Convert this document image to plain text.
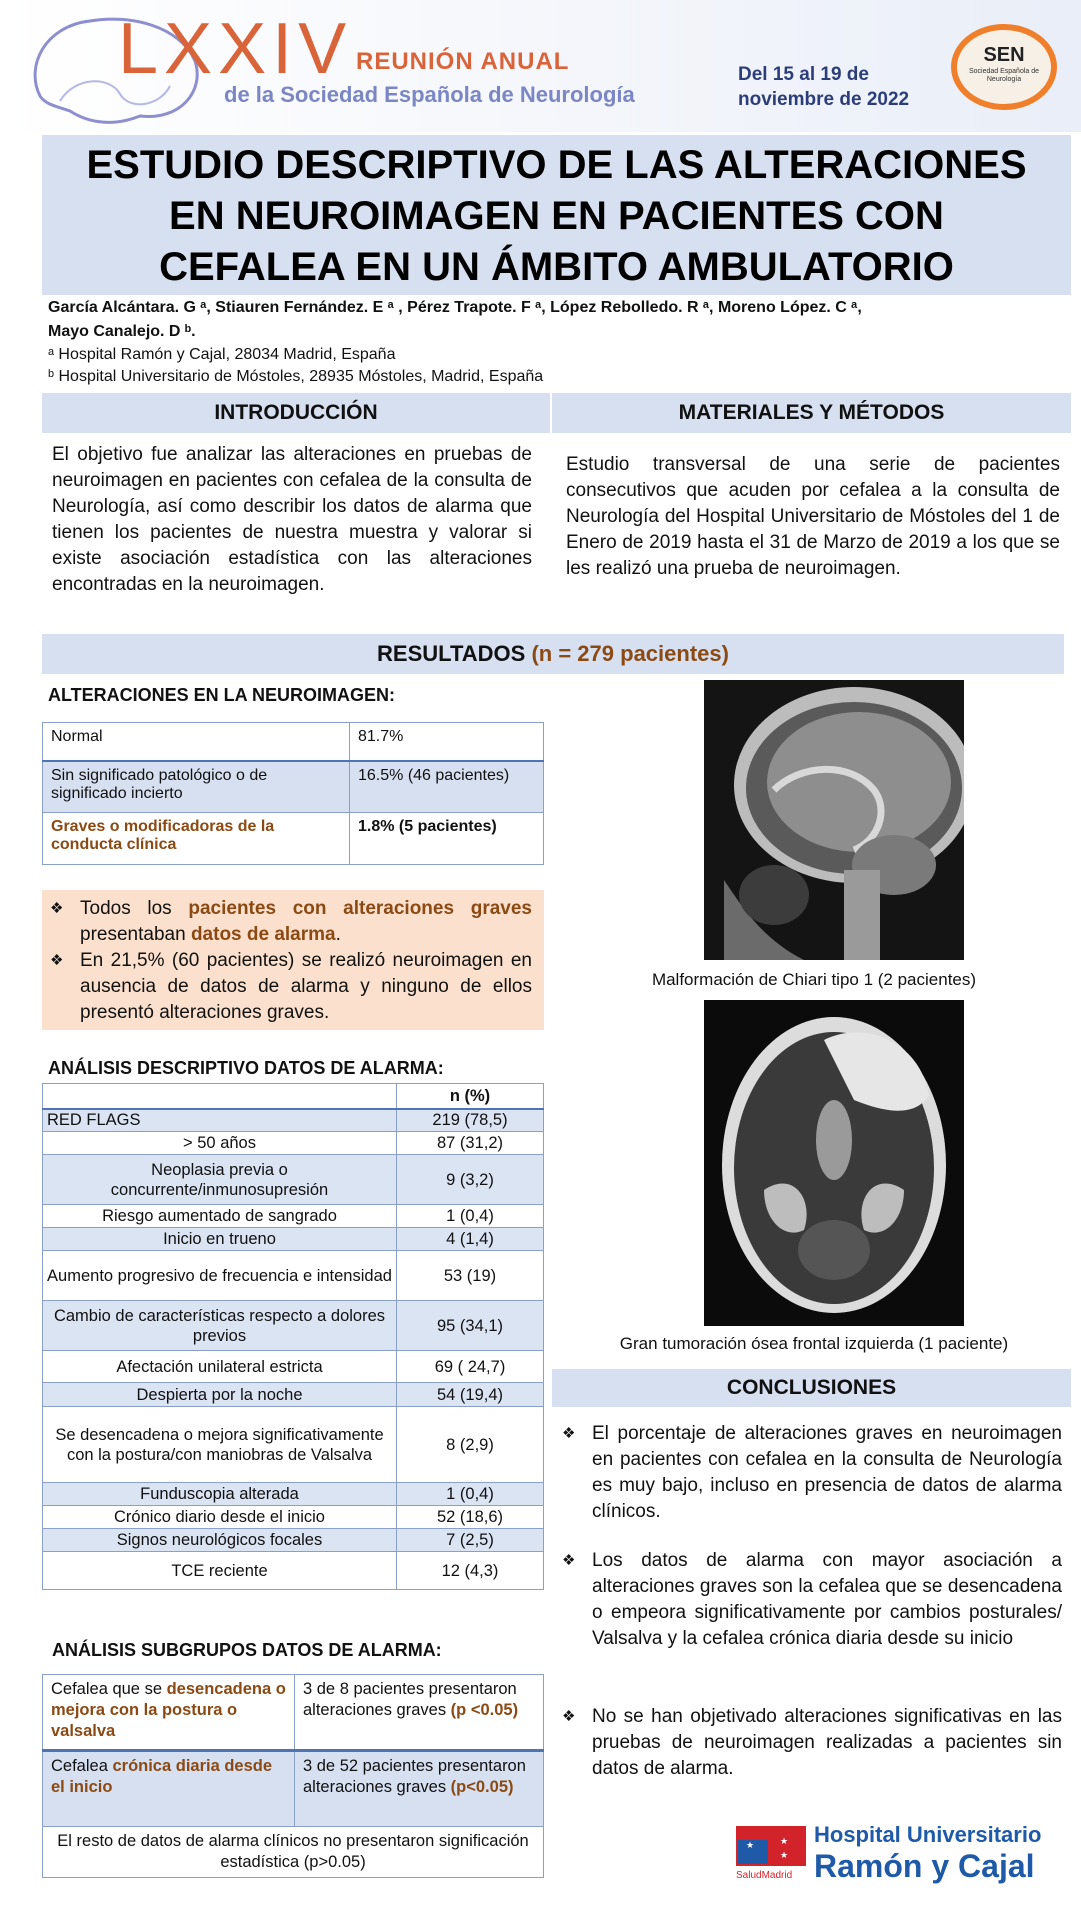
LXXIV REUNIÓN ANUAL
de la Sociedad Española de Neurología
Del 15 al 19 de
noviembre de 2022
SEN
Sociedad Española de Neurología
ESTUDIO DESCRIPTIVO DE LAS ALTERACIONES
EN NEUROIMAGEN EN PACIENTES CON
CEFALEA EN UN ÁMBITO AMBULATORIO
García Alcántara. G ᵃ, Stiauren Fernández. E ᵃ , Pérez Trapote. F ᵃ, López Rebolledo. R ᵃ, Moreno López. C ᵃ,
Mayo Canalejo. D ᵇ.
ᵃ Hospital Ramón y Cajal, 28034 Madrid, España
ᵇ Hospital Universitario de Móstoles, 28935 Móstoles, Madrid, España
INTRODUCCIÓN
El objetivo fue analizar las alteraciones en pruebas de neuroimagen en pacientes con cefalea de la consulta de Neurología, así como describir los datos de alarma que tienen los pacientes de nuestra muestra y valorar si existe asociación estadística con las alteraciones encontradas en la neuroimagen.
MATERIALES Y MÉTODOS
Estudio transversal de una serie de pacientes consecutivos que acuden por cefalea a la consulta de Neurología del Hospital Universitario de Móstoles del 1 de Enero de 2019 hasta el 31 de Marzo de 2019 a los que se les realizó una prueba de neuroimagen.
RESULTADOS (n = 279 pacientes)
ALTERACIONES EN LA NEUROIMAGEN:
Normal	81.7%
Sin significado patológico o de significado incierto	16.5% (46 pacientes)
Graves o modificadoras de la conducta clínica	1.8% (5 pacientes)
❖ Todos los pacientes con alteraciones graves presentaban datos de alarma.
❖ En 21,5% (60 pacientes) se realizó neuroimagen en ausencia de datos de alarma y ninguno de ellos presentó alteraciones graves.
ANÁLISIS DESCRIPTIVO DATOS DE ALARMA:
	n (%)
RED FLAGS	219 (78,5)
> 50 años	87 (31,2)
Neoplasia previa o concurrente/inmunosupresión	9 (3,2)
Riesgo aumentado de sangrado	1 (0,4)
Inicio en trueno	4 (1,4)
Aumento progresivo de frecuencia e intensidad	53 (19)
Cambio de características respecto a dolores previos	95 (34,1)
Afectación unilateral estricta	69 ( 24,7)
Despierta por la noche	54 (19,4)
Se desencadena o mejora significativamente con la postura/con maniobras de Valsalva	8 (2,9)
Funduscopia alterada	1 (0,4)
Crónico diario desde el inicio	52 (18,6)
Signos neurológicos focales	7 (2,5)
TCE reciente	12 (4,3)
ANÁLISIS SUBGRUPOS DATOS DE ALARMA:
Cefalea que se desencadena o mejora con la postura o valsalva	3 de 8 pacientes presentaron alteraciones graves (p <0.05)
Cefalea crónica diaria desde el inicio	3 de 52 pacientes presentaron alteraciones graves (p<0.05)
El resto de datos de alarma clínicos no presentaron significación estadística (p>0.05)	
Malformación de Chiari tipo 1 (2 pacientes)
Gran tumoración ósea frontal izquierda (1 paciente)
CONCLUSIONES
❖ El porcentaje de alteraciones graves en neuroimagen en pacientes con cefalea en la consulta de Neurología es muy bajo, incluso en presencia de datos de alarma clínicos.
❖ Los datos de alarma con mayor asociación a alteraciones graves son la cefalea que se desencadena o empeora significativamente por cambios posturales/ Valsalva y la cefalea crónica diaria desde su inicio
❖ No se han objetivado alteraciones significativas en las pruebas de neuroimagen realizadas a pacientes sin datos de alarma.
★	★
★
SaludMadrid
Hospital Universitario
Ramón y Cajal
